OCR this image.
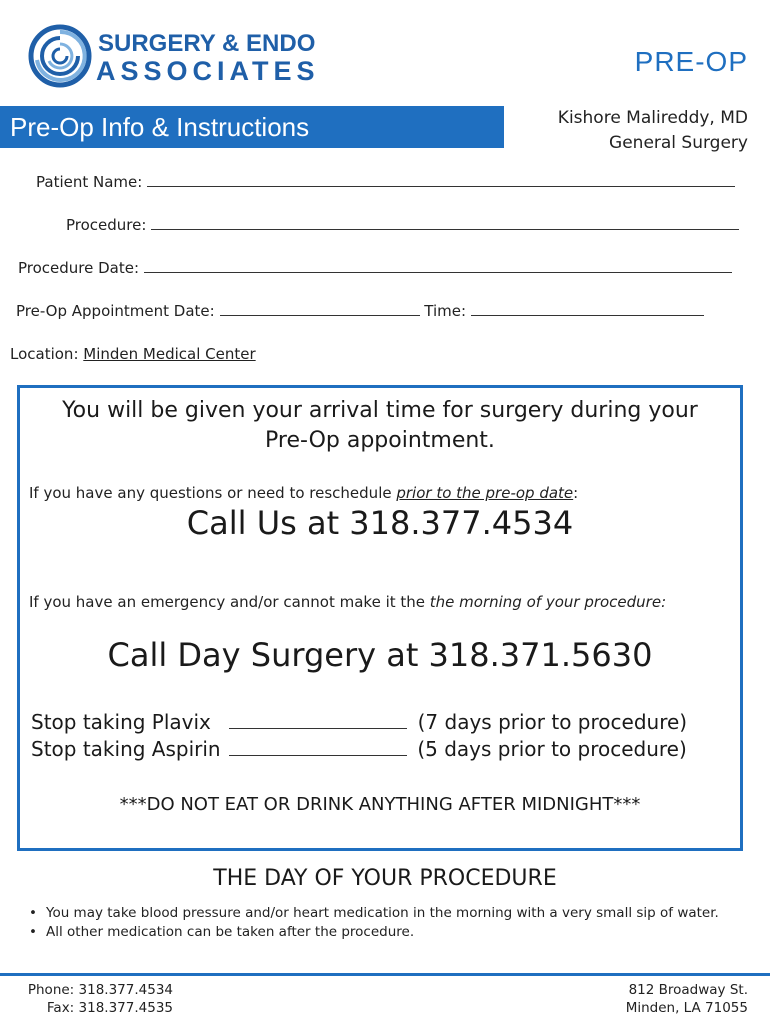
SURGERY & ENDO
ASSOCIATES	PRE-OP
Pre-Op Info & Instructions	Kishore Malireddy, MD
General Surgery
Patient Name:
Procedure:
Procedure Date:
Pre-Op Appointment Date:	Time:
Location: Minden Medical Center
You will be given your arrival time for surgery during your Pre-Op appointment.
If you have any questions or need to reschedule prior to the pre-op date:
Call Us at 318.377.4534
If you have an emergency and/or cannot make it the the morning of your procedure:
Call Day Surgery at 318.371.5630
Stop taking Plavix	(7 days prior to procedure)
Stop taking Aspirin	(5 days prior to procedure)
***DO NOT EAT OR DRINK ANYTHING AFTER MIDNIGHT***
THE DAY OF YOUR PROCEDURE
• You may take blood pressure and/or heart medication in the morning with a very small sip of water.
• All other medication can be taken after the procedure.
Phone: 318.377.4534
Fax: 318.377.4535
812 Broadway St.
Minden, LA 71055
